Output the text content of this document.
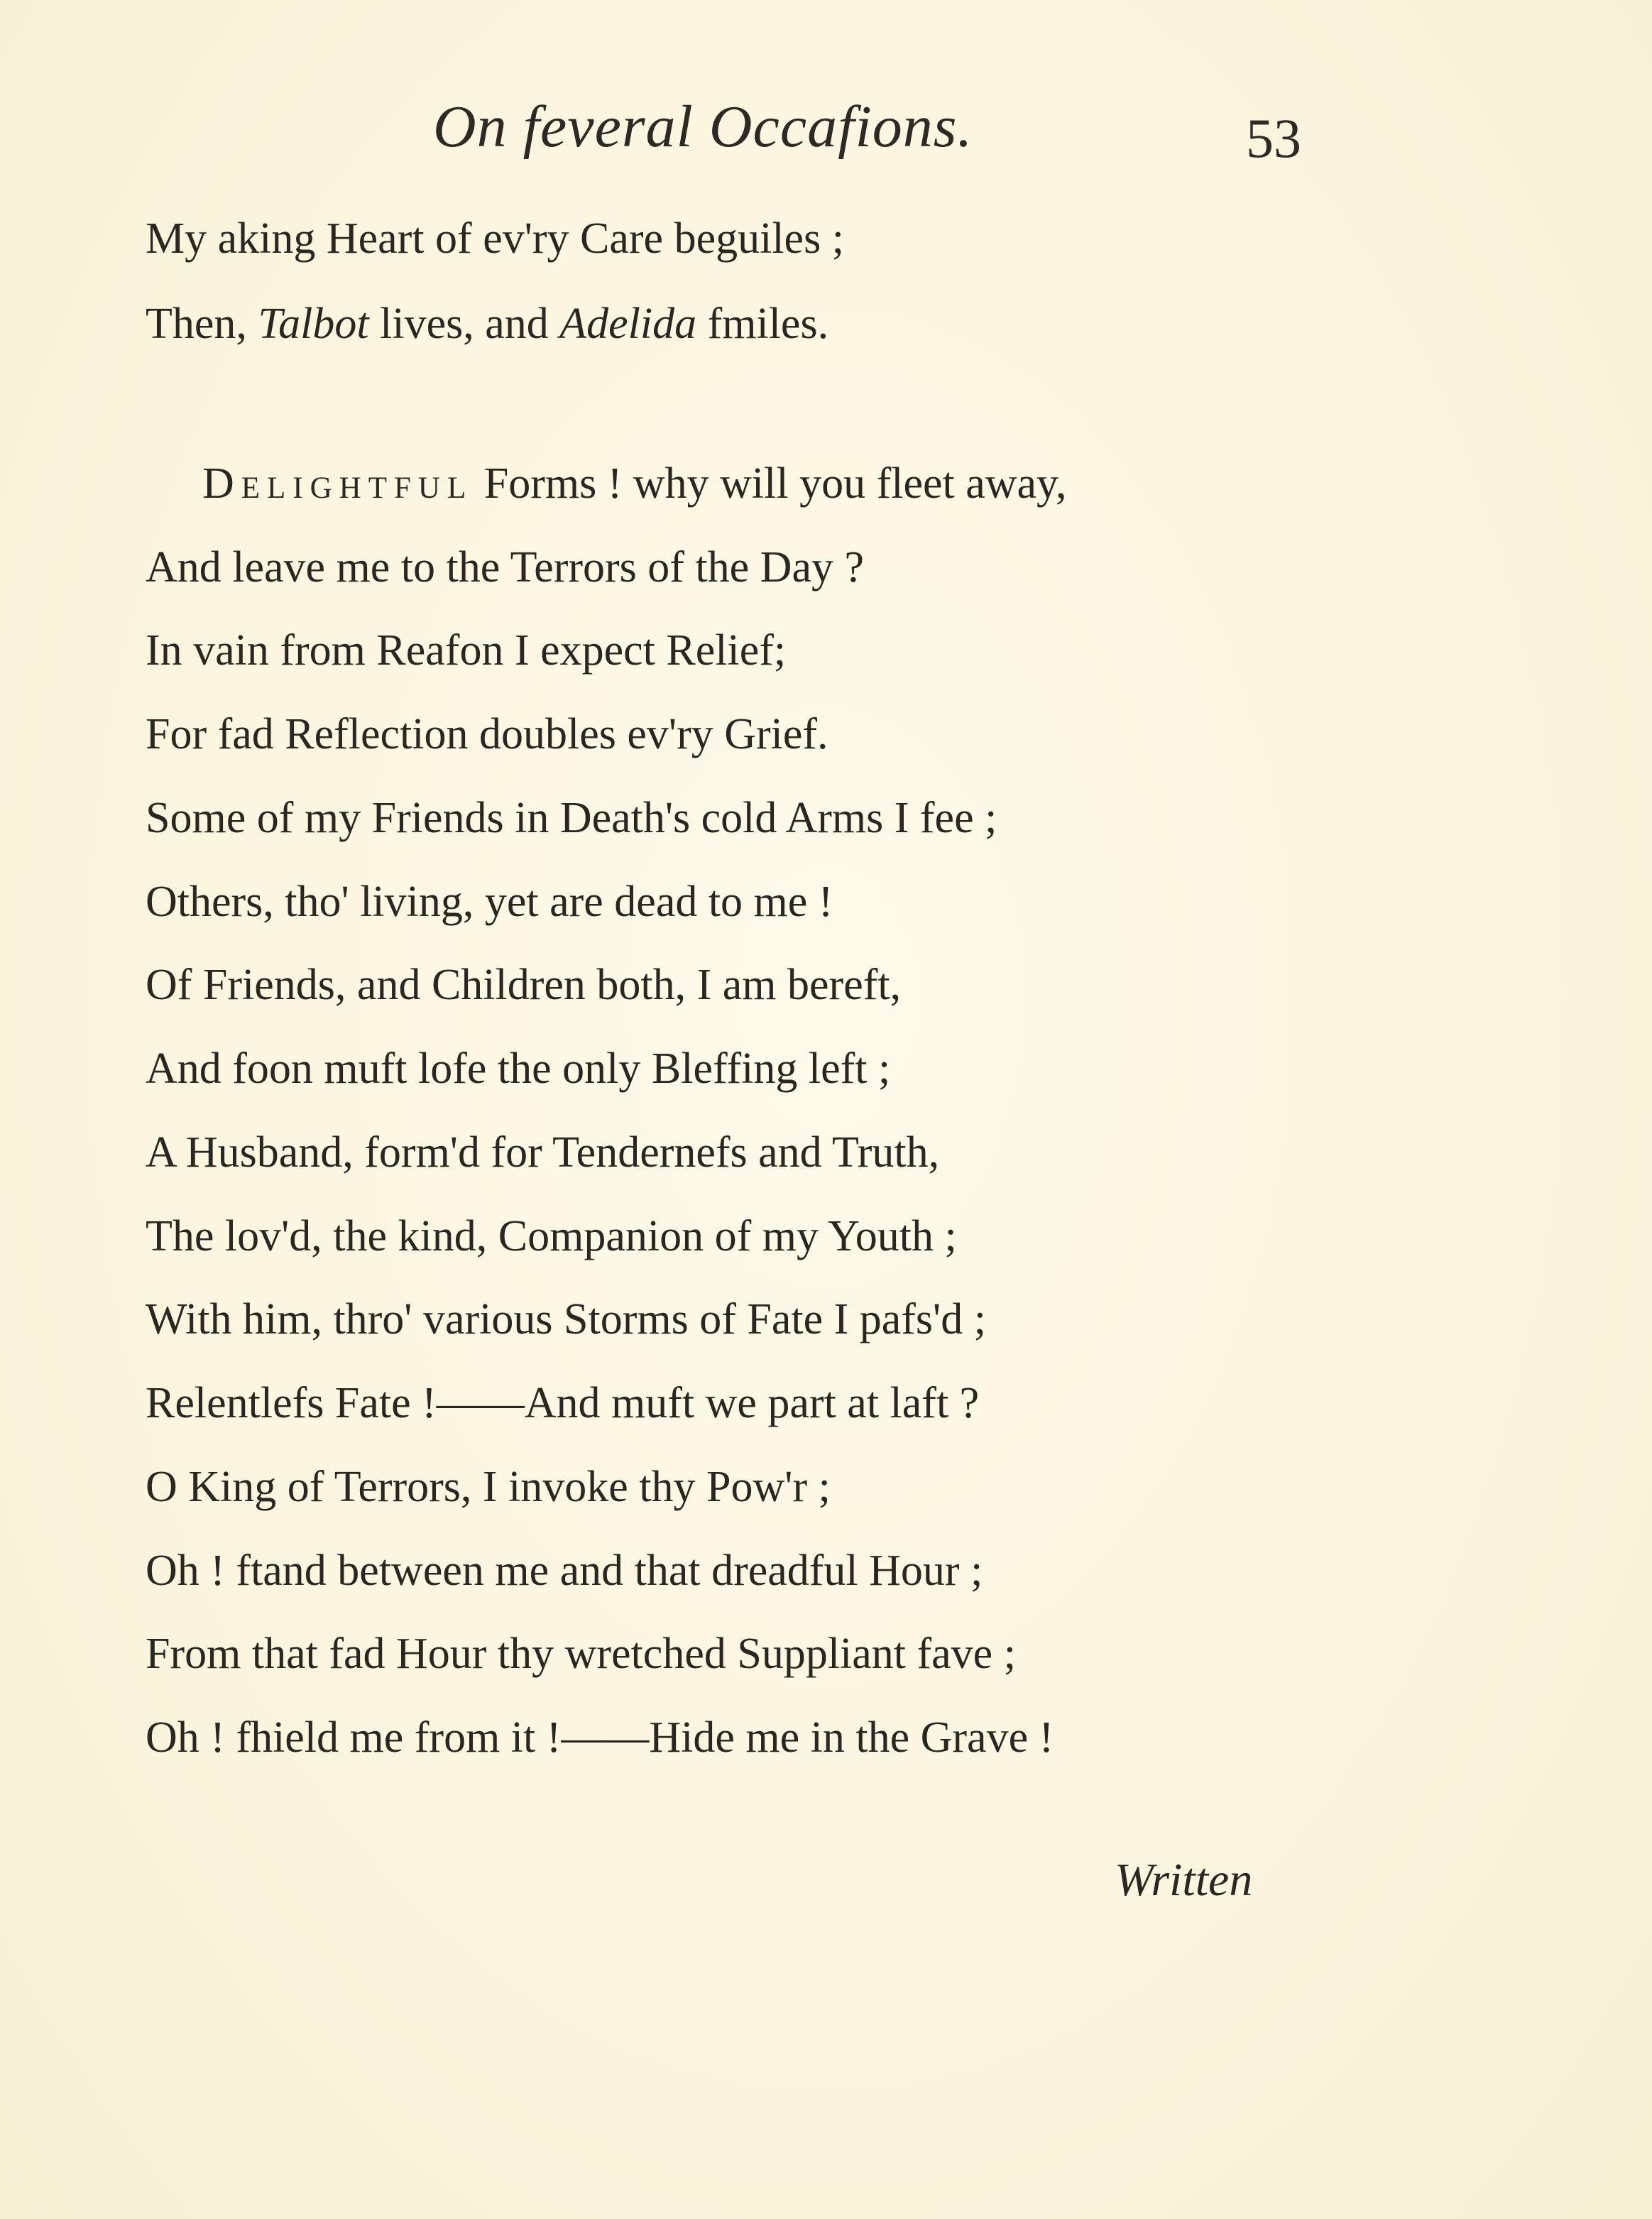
On feveral Occafions.	53
My aking Heart of ev'ry Care beguiles ;
Then, Talbot lives, and Adelida fmiles.
Delightful Forms ! why will you fleet away,
And leave me to the Terrors of the Day ?
In vain from Reafon I expect Relief;
For fad Reflection doubles ev'ry Grief.
Some of my Friends in Death's cold Arms I fee ;
Others, tho' living, yet are dead to me !
Of Friends, and Children both, I am bereft,
And foon muft lofe the only Bleffing left ;
A Husband, form'd for Tendernefs and Truth,
The lov'd, the kind, Companion of my Youth ;
With him, thro' various Storms of Fate I pafs'd ;
Relentlefs Fate !——And muft we part at laft ?
O King of Terrors, I invoke thy Pow'r ;
Oh ! ftand between me and that dreadful Hour ;
From that fad Hour thy wretched Suppliant fave ;
Oh ! fhield me from it !——Hide me in the Grave !
Written
